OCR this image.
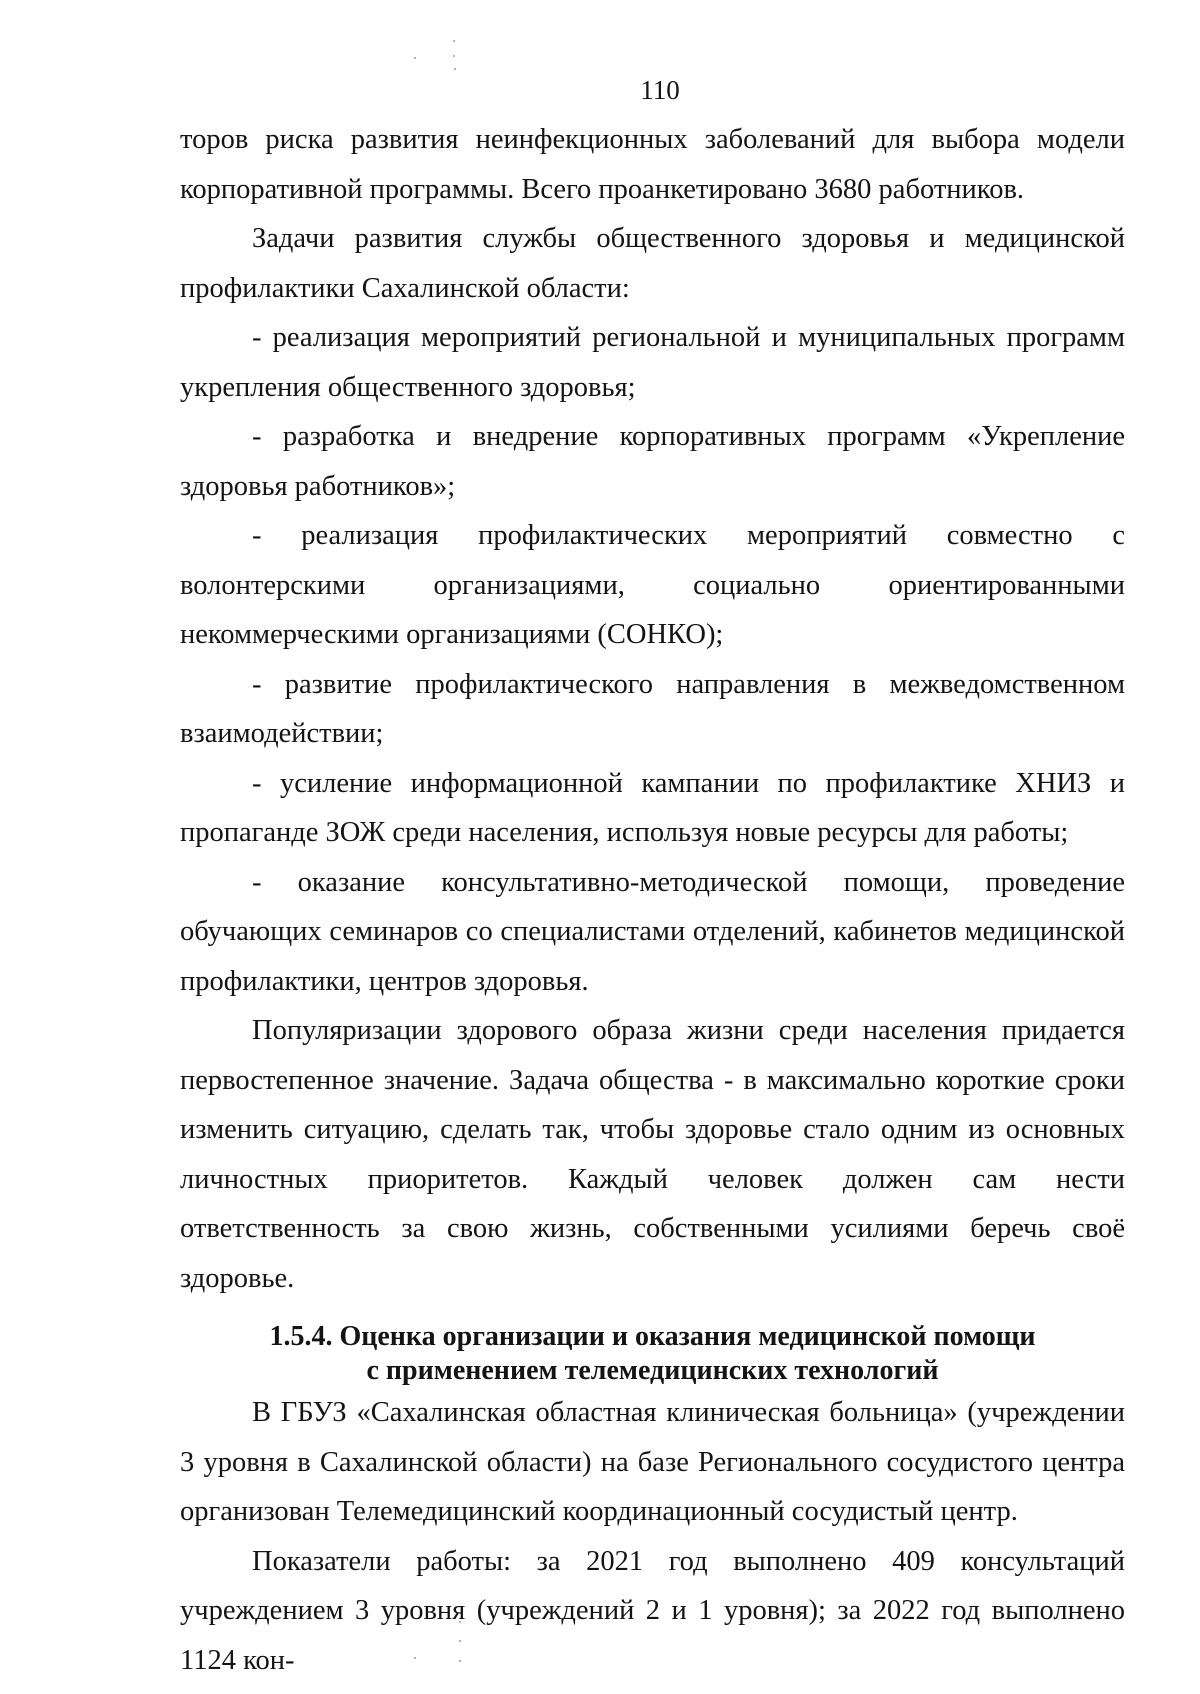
110

торов риска развития неинфекционных заболеваний для выбора модели корпоративной программы. Всего проанкетировано 3680 работников.

Задачи развития службы общественного здоровья и медицинской профилактики Сахалинской области:

- реализация мероприятий региональной и муниципальных программ укрепления общественного здоровья;

- разработка и внедрение корпоративных программ «Укрепление здоровья работников»;

- реализация профилактических мероприятий совместно с волонтерскими организациями, социально ориентированными некоммерческими организациями (СОНКО);

- развитие профилактического направления в межведомственном взаимодействии;

- усиление информационной кампании по профилактике ХНИЗ и пропаганде ЗОЖ среди населения, используя новые ресурсы для работы;

- оказание консультативно-методической помощи, проведение обучающих семинаров со специалистами отделений, кабинетов медицинской профилактики, центров здоровья.

Популяризации здорового образа жизни среди населения придается первостепенное значение. Задача общества - в максимально короткие сроки изменить ситуацию, сделать так, чтобы здоровье стало одним из основных личностных приоритетов. Каждый человек должен сам нести ответственность за свою жизнь, собственными усилиями беречь своё здоровье.

1.5.4. Оценка организации и оказания медицинской помощи
с применением телемедицинских технологий

В ГБУЗ «Сахалинская областная клиническая больница» (учреждении 3 уровня в Сахалинской области) на базе Регионального сосудистого центра организован Телемедицинский координационный сосудистый центр.

Показатели работы: за 2021 год выполнено 409 консультаций учреждением 3 уровня (учреждений 2 и 1 уровня); за 2022 год выполнено 1124 кон-
